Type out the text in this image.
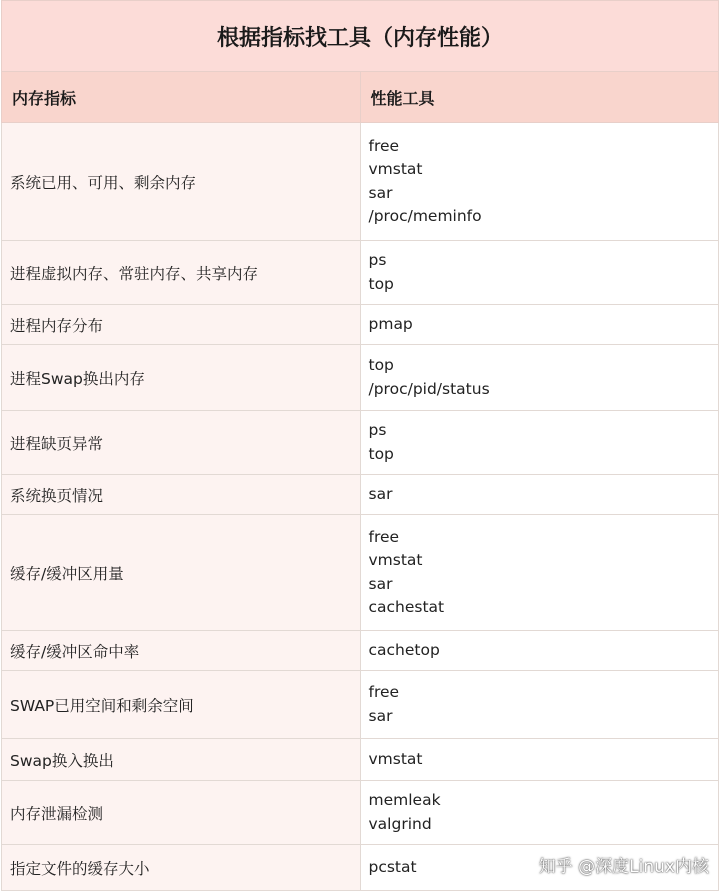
根据指标找工具（内存性能）	
内存指标	性能工具
系统已用、可用、剩余内存	free
vmstat
sar
/proc/meminfo

进程虚拟内存、常驻内存、共享内存	ps
top

进程内存分布	pmap

进程Swap换出内存	top
/proc/pid/status

进程缺页异常	ps
top

系统换页情况	sar

缓存/缓冲区用量	free
vmstat
sar
cachestat

缓存/缓冲区命中率	cachetop

SWAP已用空间和剩余空间	free
sar

Swap换入换出	vmstat

内存泄漏检测	memleak
valgrind

指定文件的缓存大小	pcstat	知乎 @深度Linux内核
